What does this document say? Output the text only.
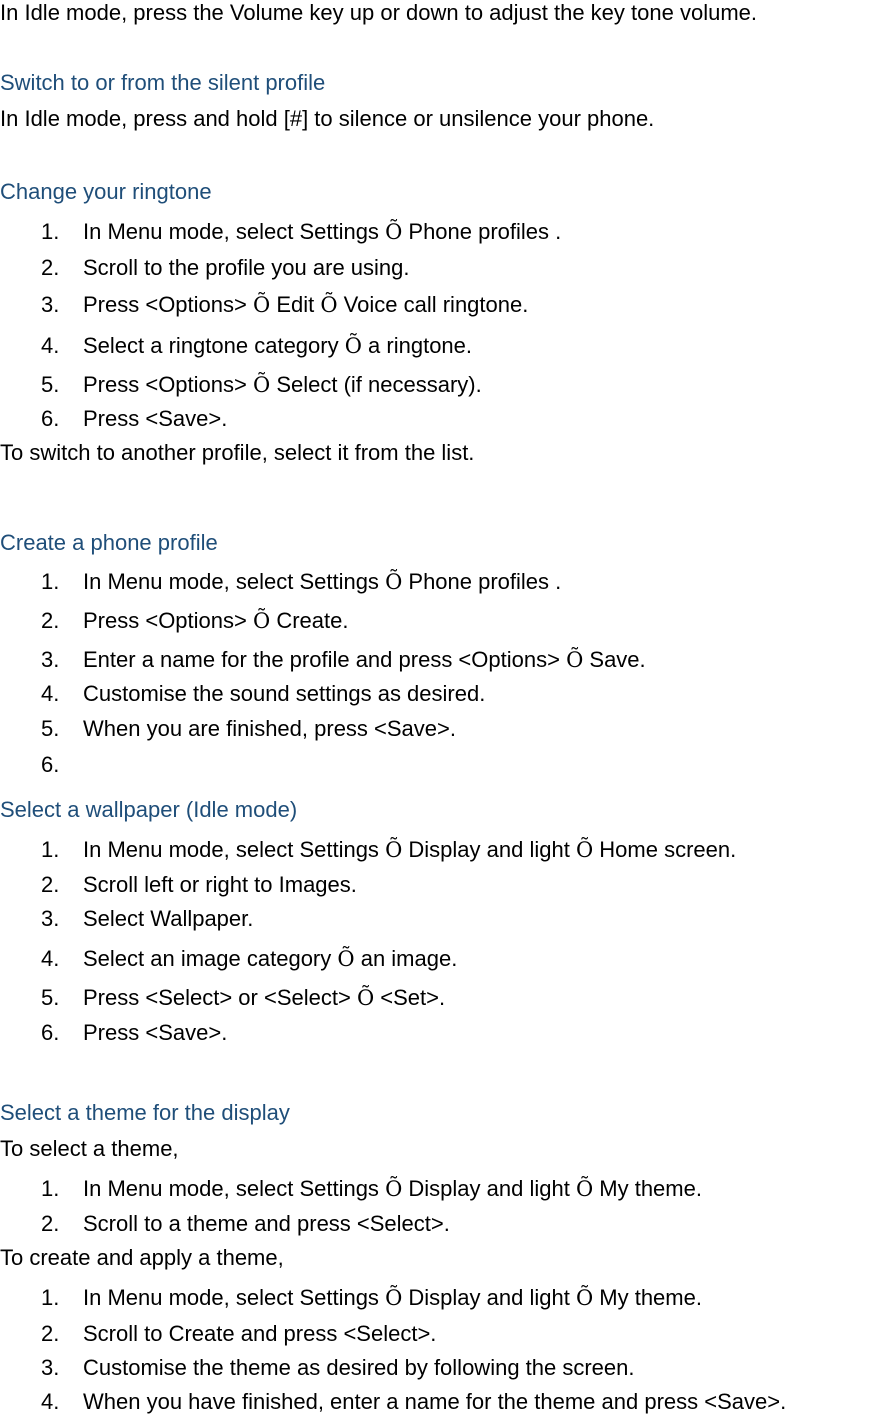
In Idle mode, press the Volume key up or down to adjust the key tone volume.
Switch to or from the silent profile
In Idle mode, press and hold [#] to silence or unsilence your phone.
Change your ringtone
1. In Menu mode, select Settings Õ Phone profiles .
2. Scroll to the profile you are using.
3. Press <Options> Õ Edit Õ Voice call ringtone.
4. Select a ringtone category Õ a ringtone.
5. Press <Options> Õ Select (if necessary).
6. Press <Save>.
To switch to another profile, select it from the list.
Create a phone profile
1. In Menu mode, select Settings Õ Phone profiles .
2. Press <Options> Õ Create.
3. Enter a name for the profile and press <Options> Õ Save.
4. Customise the sound settings as desired.
5. When you are finished, press <Save>.
6.
Select a wallpaper (Idle mode)
1. In Menu mode, select Settings Õ Display and light Õ Home screen.
2. Scroll left or right to Images.
3. Select Wallpaper.
4. Select an image category Õ an image.
5. Press <Select> or <Select> Õ <Set>.
6. Press <Save>.
Select a theme for the display
To select a theme,
1. In Menu mode, select Settings Õ Display and light Õ My theme.
2. Scroll to a theme and press <Select>.
To create and apply a theme,
1. In Menu mode, select Settings Õ Display and light Õ My theme.
2. Scroll to Create and press <Select>.
3. Customise the theme as desired by following the screen.
4. When you have finished, enter a name for the theme and press <Save>.
